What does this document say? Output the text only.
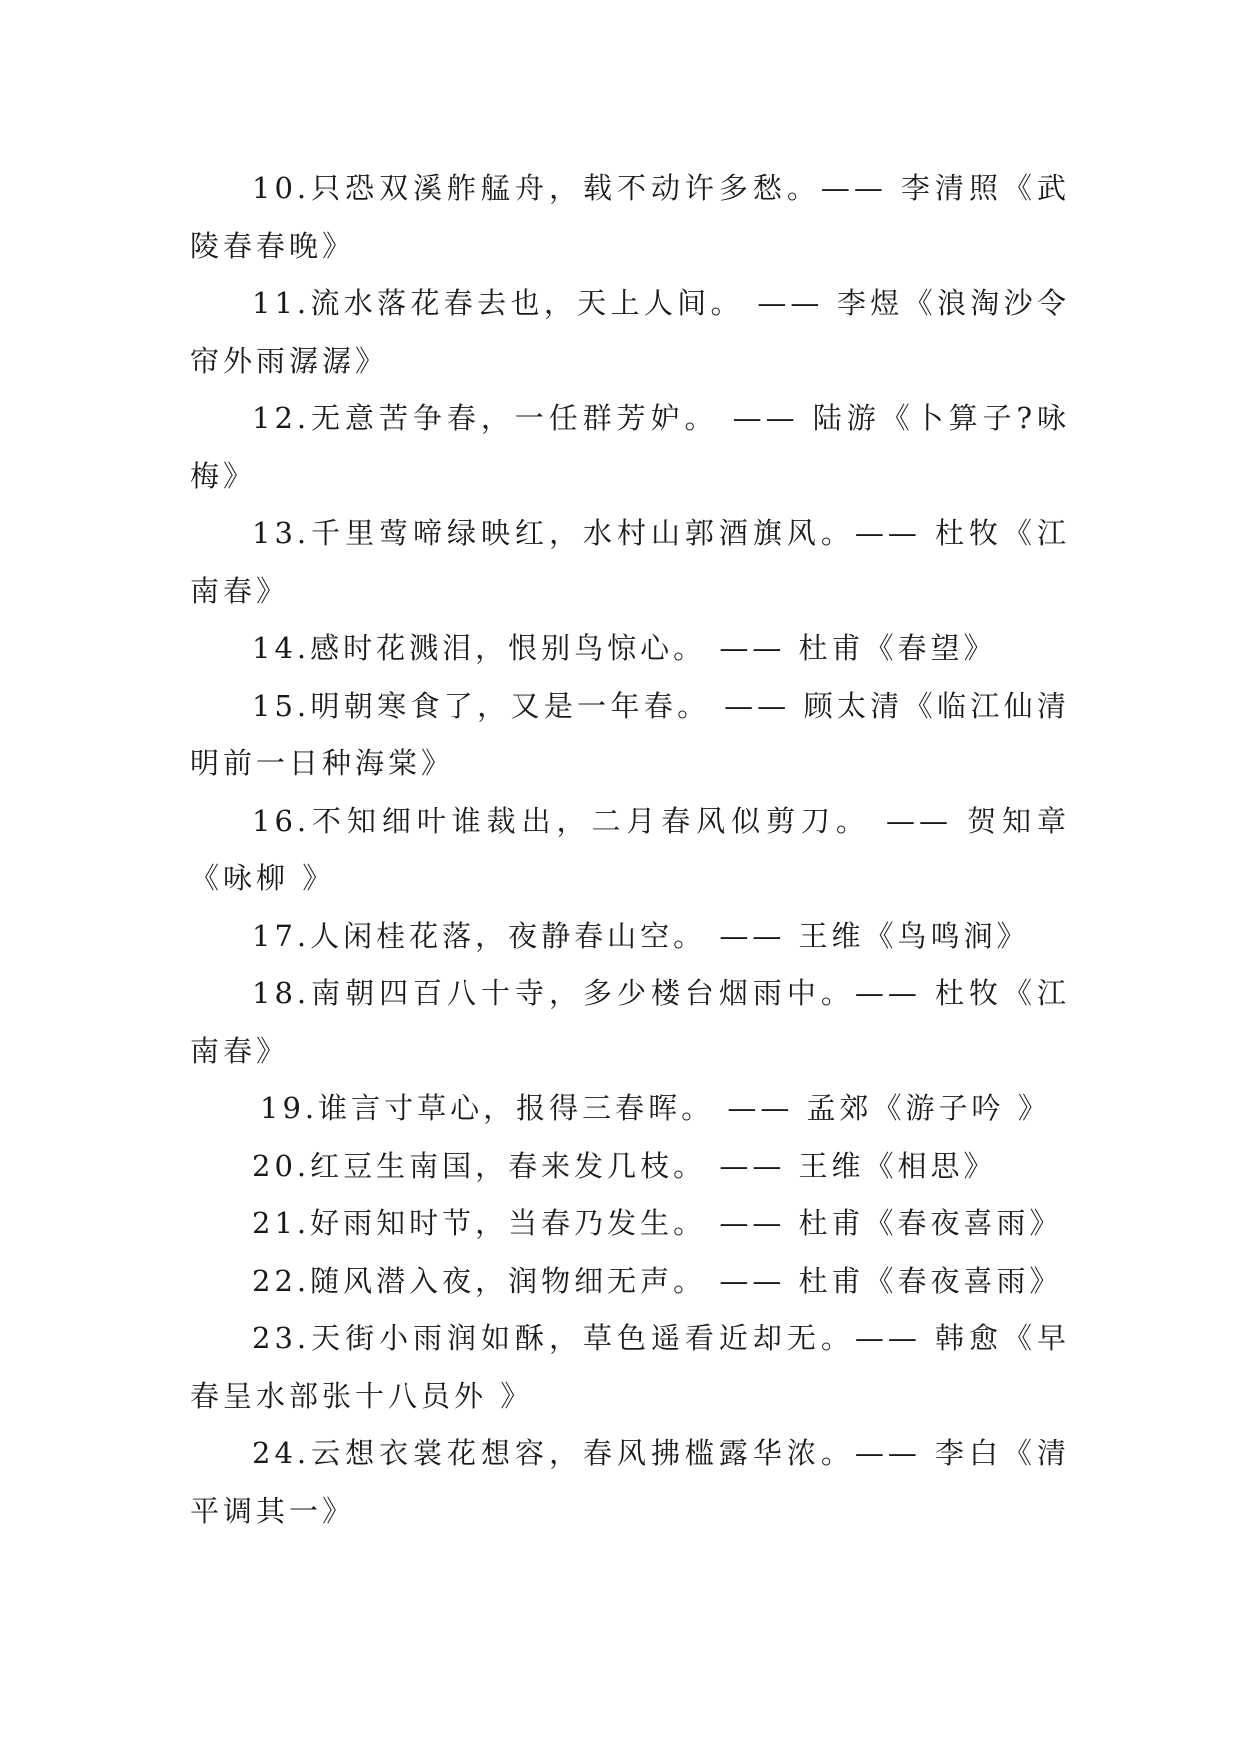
10.只恐双溪舴艋舟，载不动许多愁。—— 李清照《武陵春春晚》

11.流水落花春去也，天上人间。 —— 李煜《浪淘沙令帘外雨潺潺》

12.无意苦争春，一任群芳妒。 —— 陆游《卜算子?咏梅》

13.千里莺啼绿映红，水村山郭酒旗风。—— 杜牧《江南春》

14.感时花溅泪，恨别鸟惊心。 —— 杜甫《春望》

15.明朝寒食了，又是一年春。 —— 顾太清《临江仙清明前一日种海棠》

16.不知细叶谁裁出，二月春风似剪刀。 —— 贺知章《咏柳 》

17.人闲桂花落，夜静春山空。 —— 王维《鸟鸣涧》

18.南朝四百八十寺，多少楼台烟雨中。—— 杜牧《江南春》

19.谁言寸草心，报得三春晖。 —— 孟郊《游子吟 》

20.红豆生南国，春来发几枝。 —— 王维《相思》

21.好雨知时节，当春乃发生。 —— 杜甫《春夜喜雨》

22.随风潜入夜，润物细无声。 —— 杜甫《春夜喜雨》

23.天街小雨润如酥，草色遥看近却无。—— 韩愈《早春呈水部张十八员外 》

24.云想衣裳花想容，春风拂槛露华浓。—— 李白《清平调其一》
